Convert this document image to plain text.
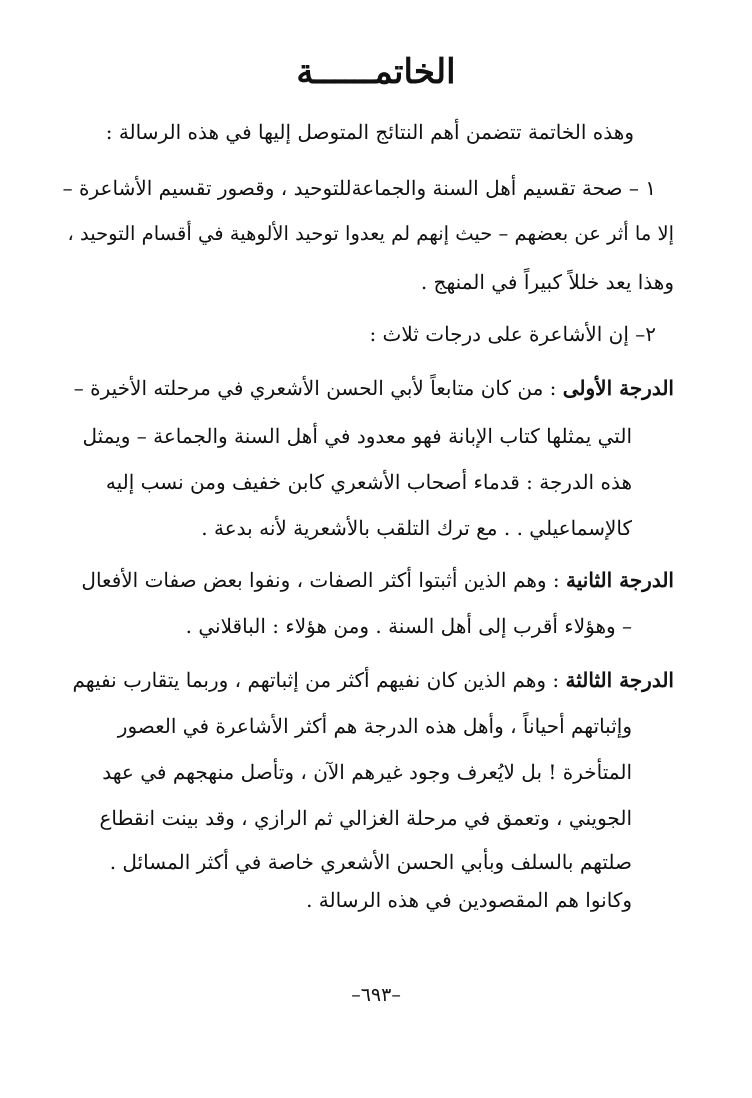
الخاتمــــــة
وهذه الخاتمة تتضمن أهم النتائج المتوصل إليها في هذه الرسالة :
١ – صحة تقسيم أهل السنة والجماعةللتوحيد ، وقصور تقسيم الأشاعرة –
إلا ما أثر عن بعضهم – حيث إنهم لم يعدوا توحيد الألوهية في أقسام التوحيد ،
وهذا يعد خللاً كبيراً في المنهج .
٢– إن الأشاعرة على درجات ثلاث :
الدرجة الأولى : من كان متابعاً لأبي الحسن الأشعري في مرحلته الأخيرة –
التي يمثلها كتاب الإبانة فهو معدود في أهل السنة والجماعة – ويمثل
هذه الدرجة : قدماء أصحاب الأشعري كابن خفيف ومن نسب إليه
كالإسماعيلي . . مع ترك التلقب بالأشعرية لأنه بدعة .
الدرجة الثانية : وهم الذين أثبتوا أكثر الصفات ، ونفوا بعض صفات الأفعال
– وهؤلاء أقرب إلى أهل السنة . ومن هؤلاء : الباقلاني .
الدرجة الثالثة : وهم الذين كان نفيهم أكثر من إثباتهم ، وربما يتقارب نفيهم
وإثباتهم أحياناً ، وأهل هذه الدرجة هم أكثر الأشاعرة في العصور
المتأخرة ! بل لايُعرف وجود غيرهم الآن ، وتأصل منهجهم في عهد
الجويني ، وتعمق في مرحلة الغزالي ثم الرازي ، وقد بينت انقطاع
صلتهم بالسلف وبأبي الحسن الأشعري خاصة في أكثر المسائل .
وكانوا هم المقصودين في هذه الرسالة .
–٦٩٣–
